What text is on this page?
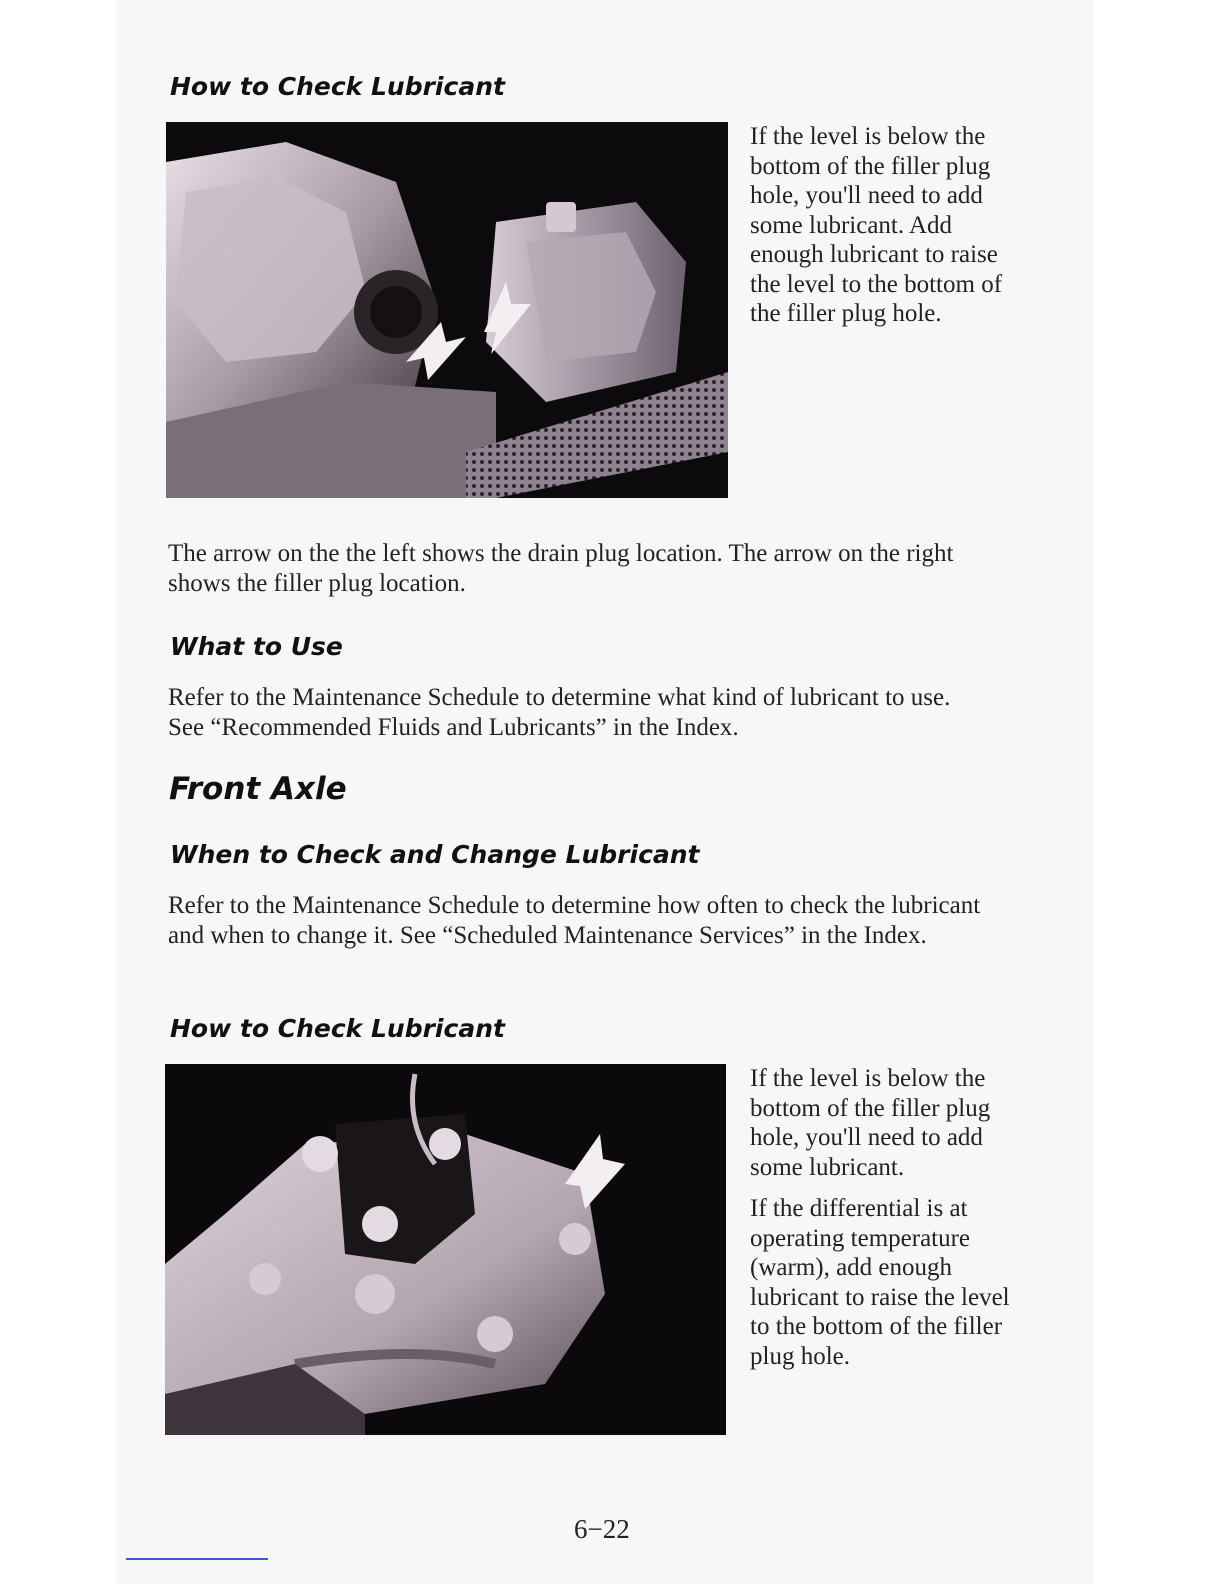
How to Check Lubricant

If the level is below the bottom of the filler plug hole, you'll need to add some lubricant. Add enough lubricant to raise the level to the bottom of the filler plug hole.

The arrow on the the left shows the drain plug location. The arrow on the right shows the filler plug location.

What to Use

Refer to the Maintenance Schedule to determine what kind of lubricant to use. See “Recommended Fluids and Lubricants” in the Index.

Front Axle
When to Check and Change Lubricant

Refer to the Maintenance Schedule to determine how often to check the lubricant and when to change it. See “Scheduled Maintenance Services” in the Index.

How to Check Lubricant

If the level is below the bottom of the filler plug hole, you'll need to add some lubricant.

If the differential is at operating temperature (warm), add enough lubricant to raise the level to the bottom of the filler plug hole.

6−22
